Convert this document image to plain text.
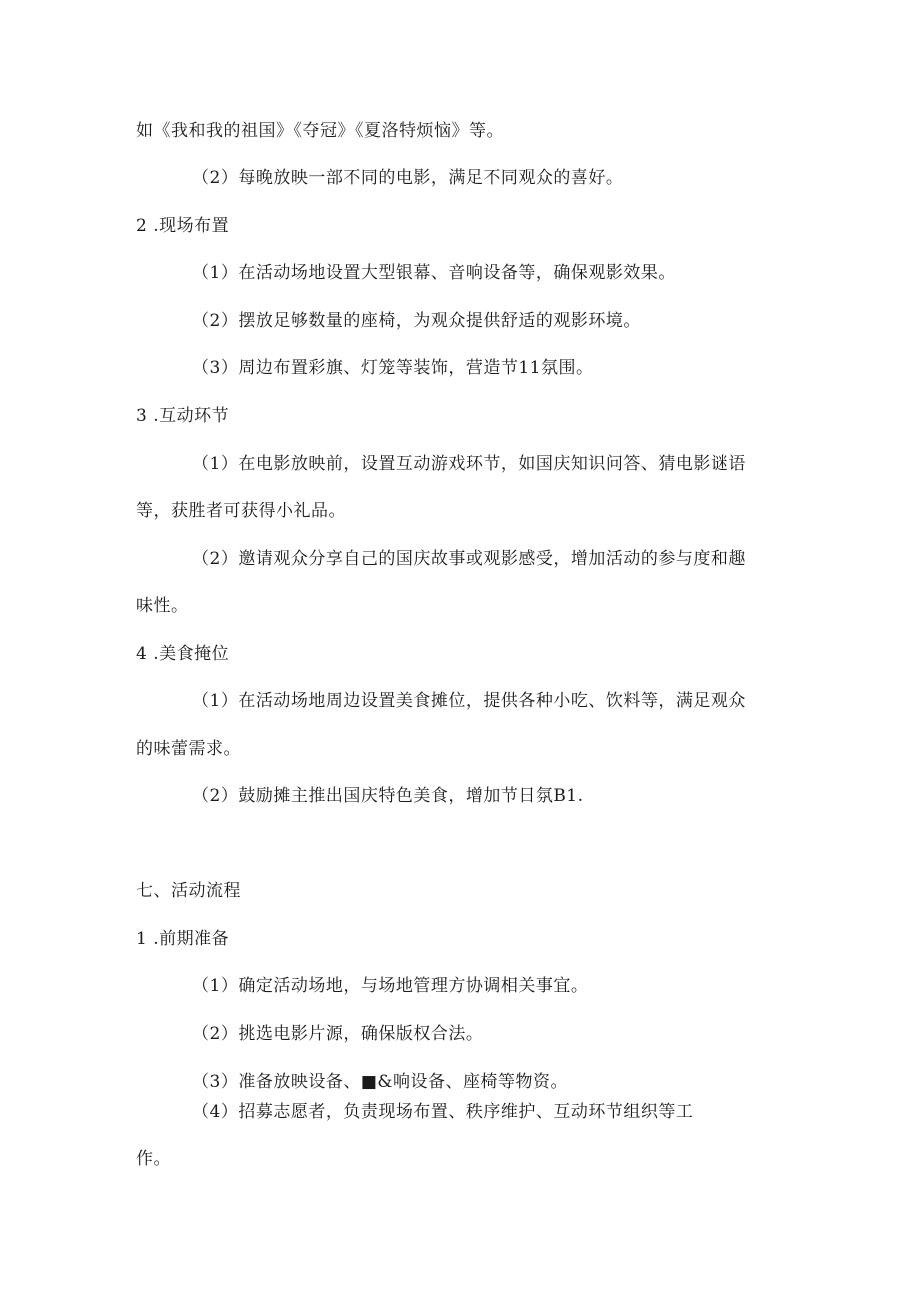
如《我和我的祖国》《夺冠》《夏洛特烦恼》等。
（2）每晚放映一部不同的电影，满足不同观众的喜好。
2 .现场布置
（1）在活动场地设置大型银幕、音响设备等，确保观影效果。
（2）摆放足够数量的座椅，为观众提供舒适的观影环境。
（3）周边布置彩旗、灯笼等装饰，营造节11氛围。
3 .互动环节
（1）在电影放映前，设置互动游戏环节，如国庆知识问答、猜电影谜语
等，获胜者可获得小礼品。
（2）邀请观众分享自己的国庆故事或观影感受，增加活动的参与度和趣
味性。
4 .美食掩位
（1）在活动场地周边设置美食摊位，提供各种小吃、饮料等，满足观众
的味蕾需求。
（2）鼓励摊主推出国庆特色美食，增加节日氛B1.
七、活动流程
1 .前期准备
（1）确定活动场地，与场地管理方协调相关事宜。
（2）挑选电影片源，确保版权合法。
（3）准备放映设备、■&响设备、座椅等物资。
（4）招募志愿者，负责现场布置、秩序维护、互动环节组织等工
作。
